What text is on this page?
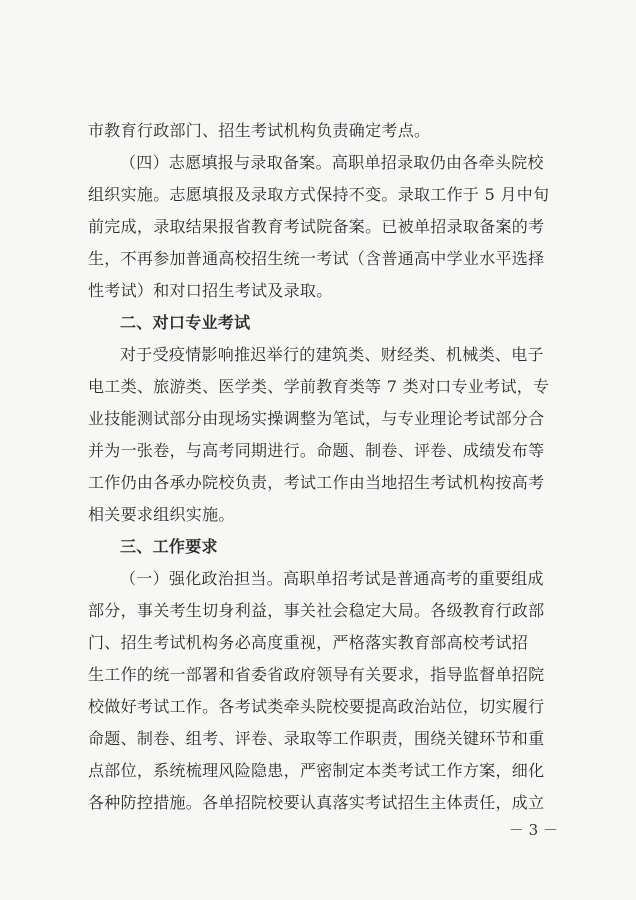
市教育行政部门、招生考试机构负责确定考点。
（四）志愿填报与录取备案。高职单招录取仍由各牵头院校
组织实施。志愿填报及录取方式保持不变。录取工作于 5 月中旬
前完成，录取结果报省教育考试院备案。已被单招录取备案的考
生，不再参加普通高校招生统一考试（含普通高中学业水平选择
性考试）和对口招生考试及录取。
二、对口专业考试
对于受疫情影响推迟举行的建筑类、财经类、机械类、电子
电工类、旅游类、医学类、学前教育类等 7 类对口专业考试，专
业技能测试部分由现场实操调整为笔试，与专业理论考试部分合
并为一张卷，与高考同期进行。命题、制卷、评卷、成绩发布等
工作仍由各承办院校负责，考试工作由当地招生考试机构按高考
相关要求组织实施。
三、工作要求
（一）强化政治担当。高职单招考试是普通高考的重要组成
部分，事关考生切身利益，事关社会稳定大局。各级教育行政部
门、招生考试机构务必高度重视，严格落实教育部高校考试招
生工作的统一部署和省委省政府领导有关要求，指导监督单招院
校做好考试工作。各考试类牵头院校要提高政治站位，切实履行
命题、制卷、组考、评卷、录取等工作职责，围绕关键环节和重
点部位，系统梳理风险隐患，严密制定本类考试工作方案，细化
各种防控措施。各单招院校要认真落实考试招生主体责任，成立
－ 3 －
